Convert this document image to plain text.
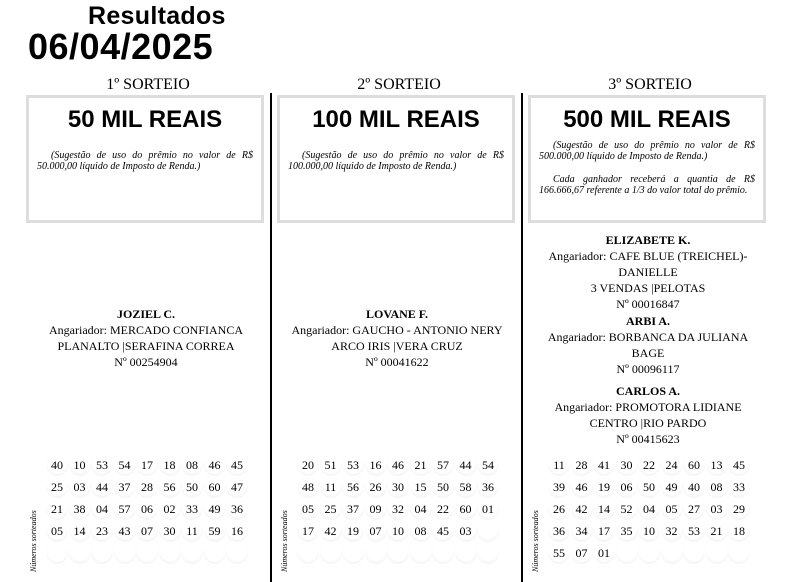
Resultados
06/04/2025
1º SORTEIO
50 MIL REAIS
(Sugestão de uso do prêmio no valor de R$ 50.000,00 líquido de Imposto de Renda.)
JOZIEL C.
Angariador: MERCADO CONFIANCA
PLANALTO |SERAFINA CORREA
Nº 00254904
Números sorteados
40 10 53 54 17 18 08 46 45
25 03 44 37 28 56 50 60 47
21 38 04 57 06 02 33 49 36
05 14 23 43 07 30 11 59 16
2º SORTEIO
100 MIL REAIS
(Sugestão de uso do prêmio no valor de R$ 100.000,00 líquido de Imposto de Renda.)
LOVANE F.
Angariador: GAUCHO - ANTONIO NERY
ARCO IRIS |VERA CRUZ
Nº 00041622
Números sorteados
20 51 53 16 46 21 57 44 54
48 11 56 26 30 15 50 58 36
05 25 37 09 32 04 22 60 01
17 42 19 07 10 08 45 03
3º SORTEIO
500 MIL REAIS
(Sugestão de uso do prêmio no valor de R$ 500.000,00 líquido de Imposto de Renda.)
Cada ganhador receberá a quantia de R$ 166.666,67 referente a 1/3 do valor total do prêmio.
ELIZABETE K.
Angariador: CAFE BLUE (TREICHEL)-
DANIELLE
3 VENDAS |PELOTAS
Nº 00016847
ARBI A.
Angariador: BORBANCA DA JULIANA
BAGE
Nº 00096117
CARLOS A.
Angariador: PROMOTORA LIDIANE
CENTRO |RIO PARDO
Nº 00415623
Números sorteados
11 28 41 30 22 24 60 13 45
39 46 19 06 50 49 40 08 33
26 42 14 52 04 05 27 03 29
36 34 17 35 10 32 53 21 18
55 07 01
